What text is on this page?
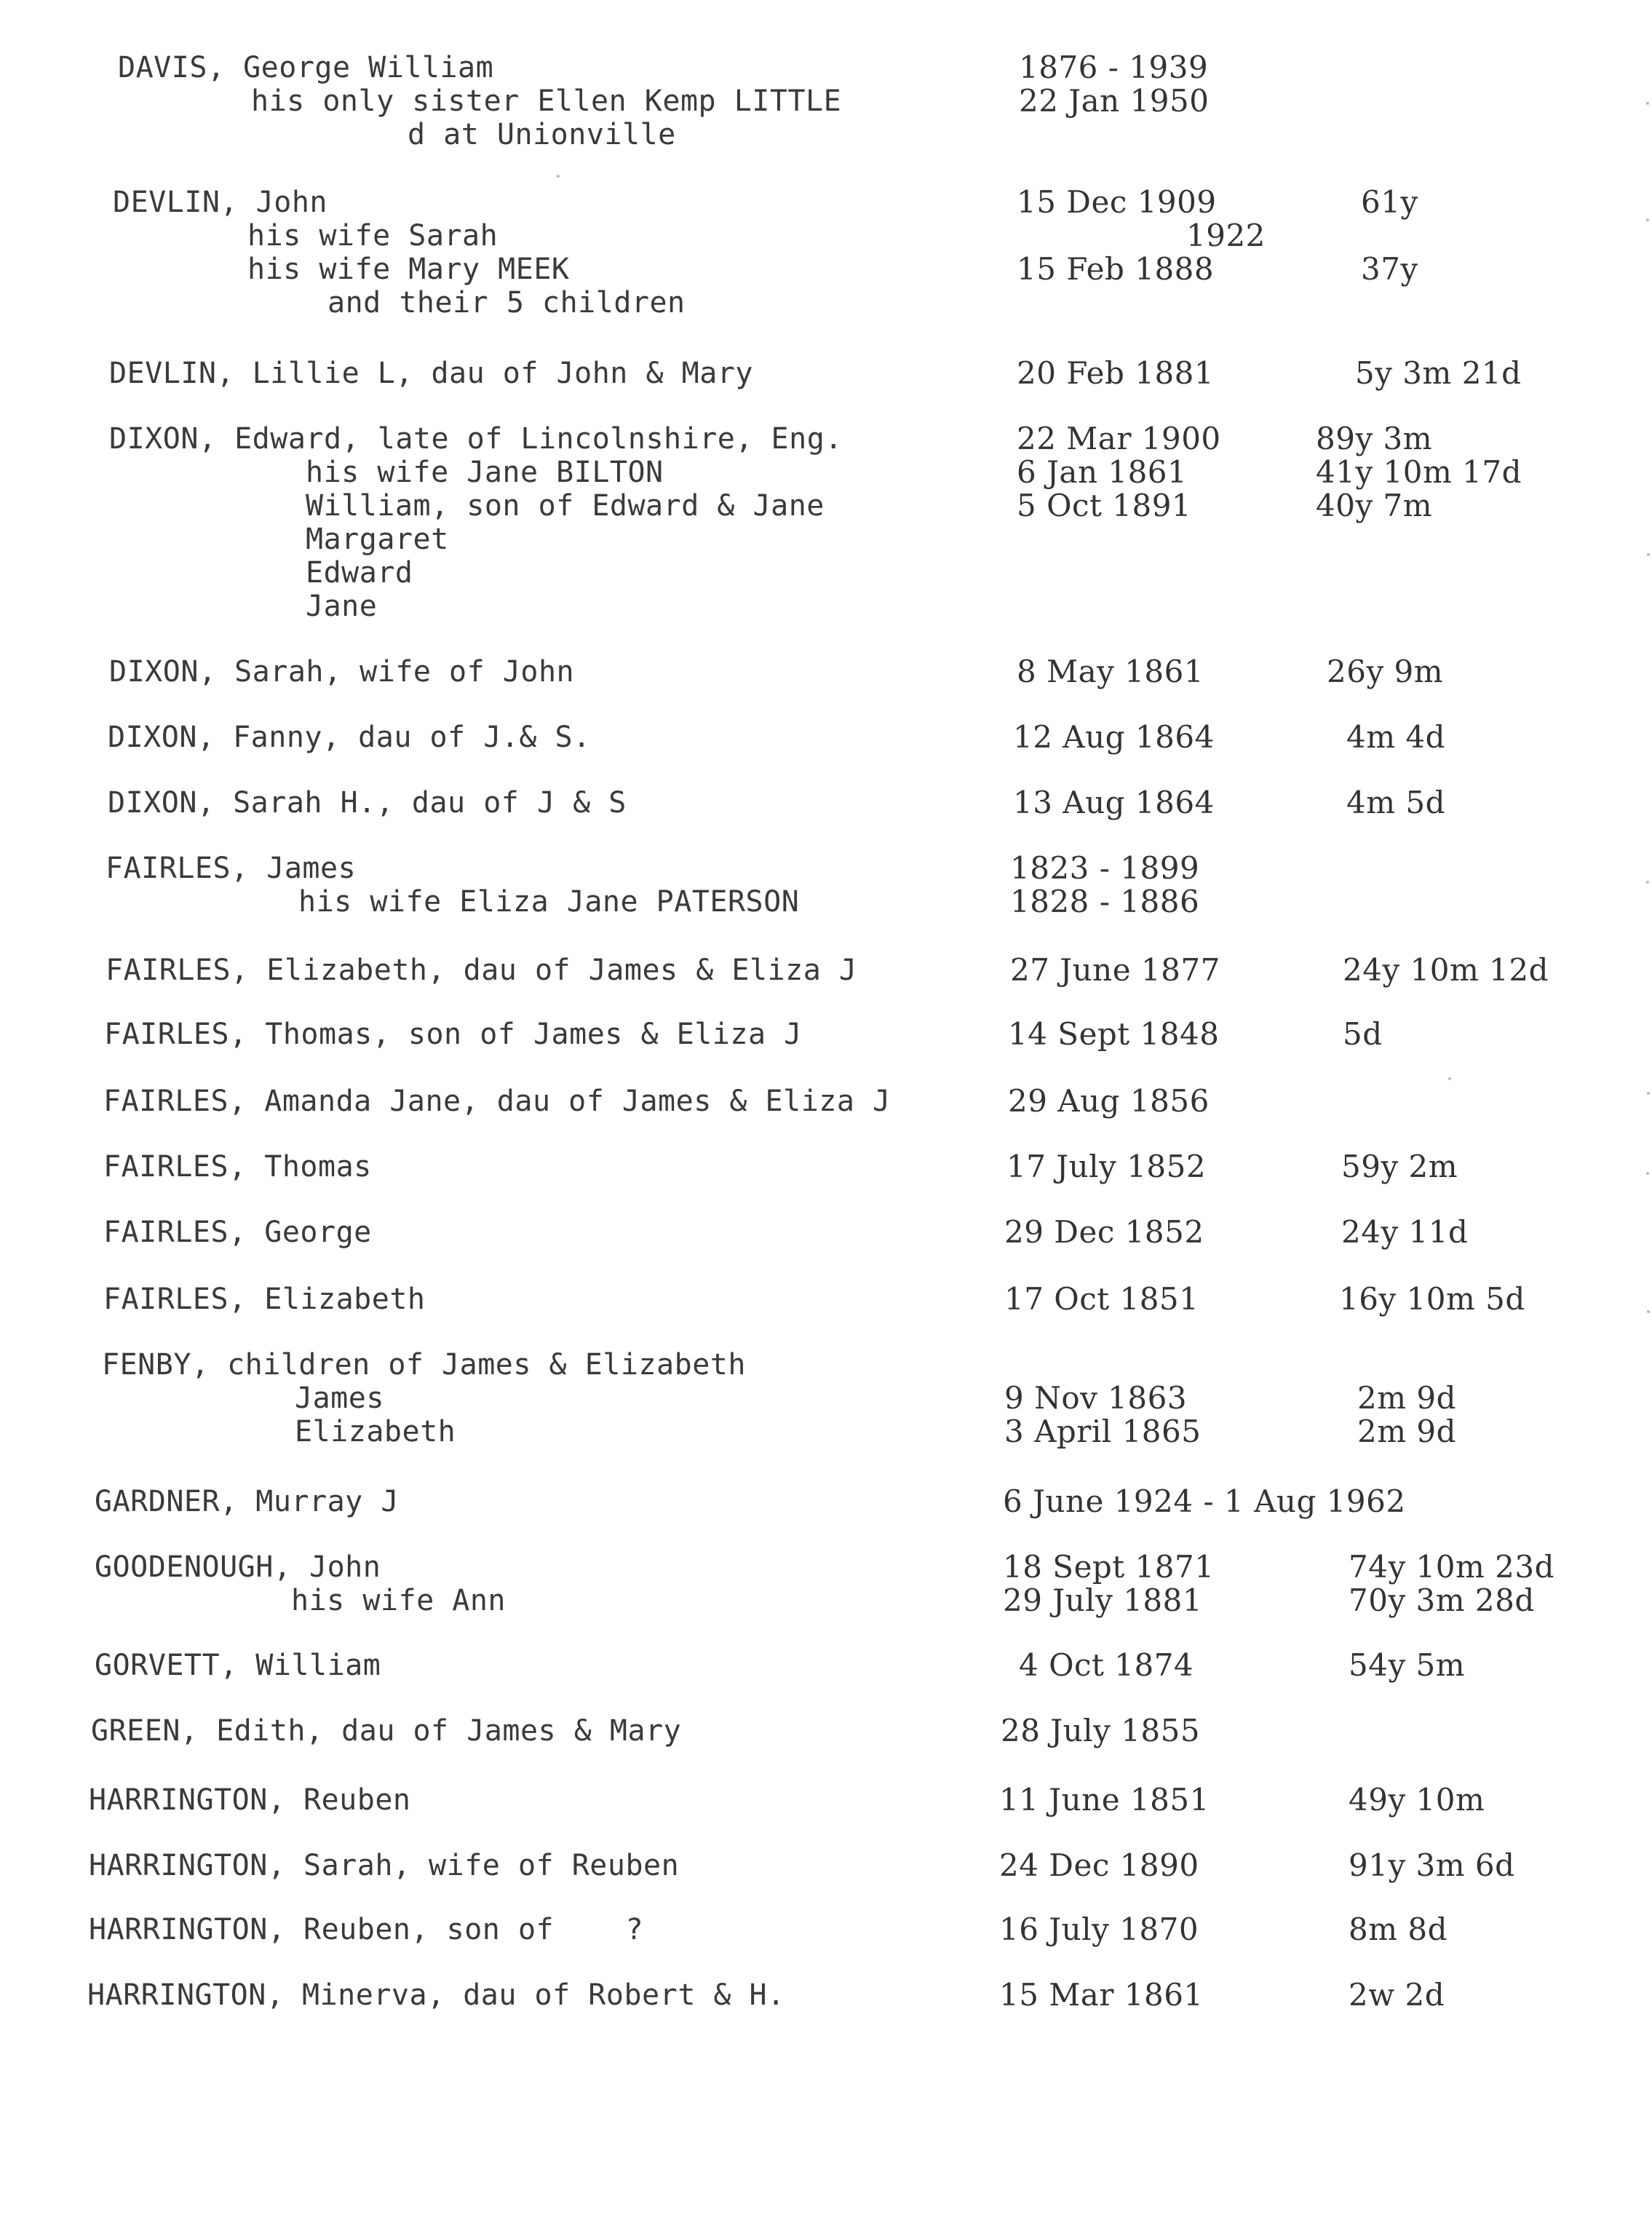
DAVIS, George William	1876 - 1939
his only sister Ellen Kemp LITTLE	22 Jan 1950
d at Unionville
DEVLIN, John	15 Dec 1909	61y
his wife Sarah	1922
his wife Mary MEEK	15 Feb 1888	37y
and their 5 children
DEVLIN, Lillie L, dau of John & Mary	20 Feb 1881	5y 3m 21d
DIXON, Edward, late of Lincolnshire, Eng.	22 Mar 1900	89y 3m
his wife Jane BILTON	6 Jan 1861	41y 10m 17d
William, son of Edward & Jane	5 Oct 1891	40y 7m
Margaret
Edward
Jane
DIXON, Sarah, wife of John	8 May 1861	26y 9m
DIXON, Fanny, dau of J.& S.	12 Aug 1864	4m 4d
DIXON, Sarah H., dau of J & S	13 Aug 1864	4m 5d
FAIRLES, James	1823 - 1899
his wife Eliza Jane PATERSON	1828 - 1886
FAIRLES, Elizabeth, dau of James & Eliza J	27 June 1877	24y 10m 12d
FAIRLES, Thomas, son of James & Eliza J	14 Sept 1848	5d
FAIRLES, Amanda Jane, dau of James & Eliza J	29 Aug 1856
FAIRLES, Thomas	17 July 1852	59y 2m
FAIRLES, George	29 Dec 1852	24y 11d
FAIRLES, Elizabeth	17 Oct 1851	16y 10m 5d
FENBY, children of James & Elizabeth
James	9 Nov 1863	2m 9d
Elizabeth	3 April 1865	2m 9d
GARDNER, Murray J	6 June 1924 - 1 Aug 1962
GOODENOUGH, John	18 Sept 1871	74y 10m 23d
his wife Ann	29 July 1881	70y 3m 28d
GORVETT, William	4 Oct 1874	54y 5m
GREEN, Edith, dau of James & Mary	28 July 1855
HARRINGTON, Reuben	11 June 1851	49y 10m
HARRINGTON, Sarah, wife of Reuben	24 Dec 1890	91y 3m 6d
HARRINGTON, Reuben, son of    ?	16 July 1870	8m 8d
HARRINGTON, Minerva, dau of Robert & H.	15 Mar 1861	2w 2d
